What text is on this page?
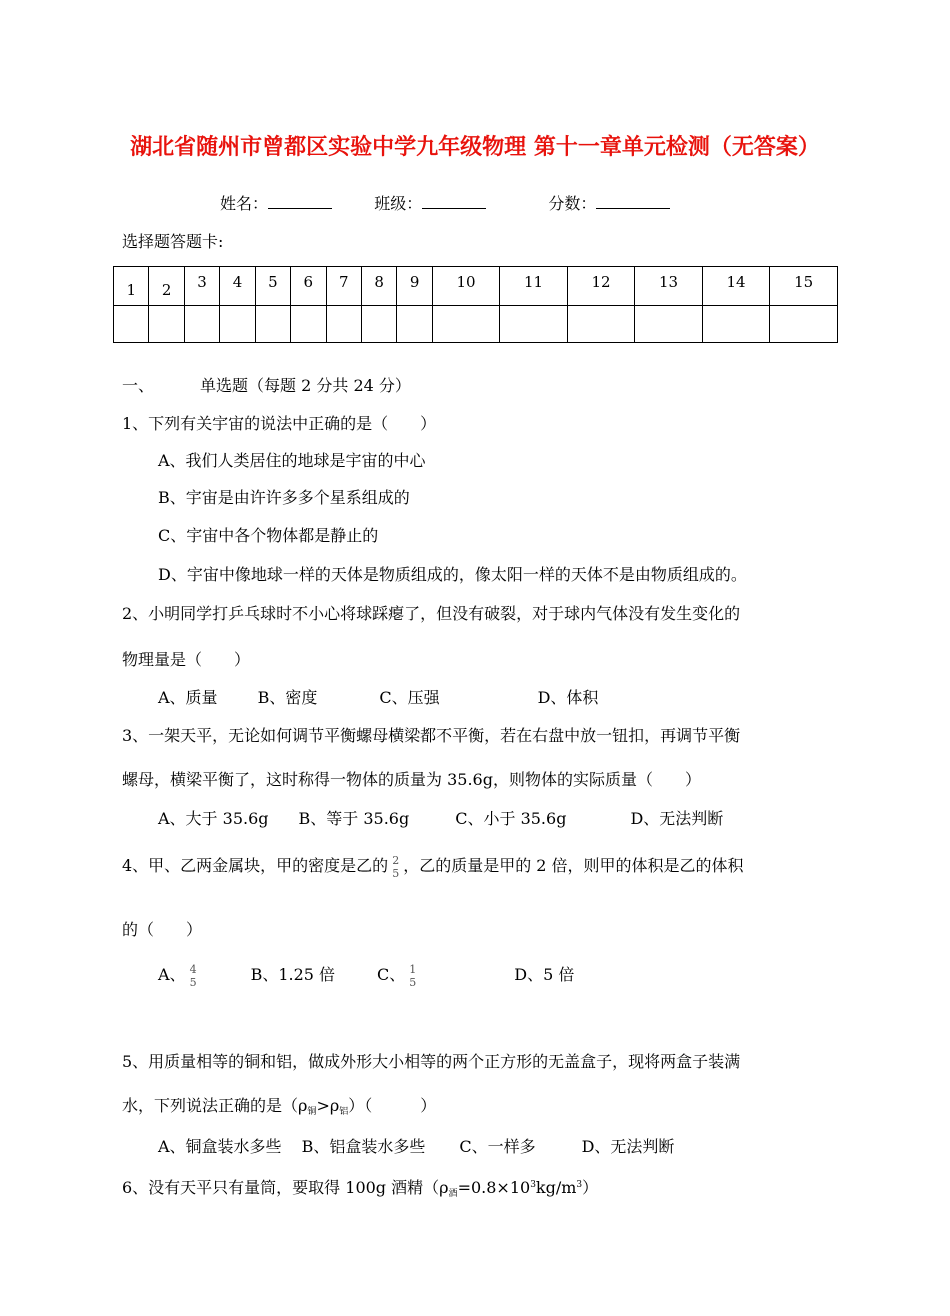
湖北省随州市曾都区实验中学九年级物理 第十一章单元检测（无答案）
姓名：	班级：	分数：
选择题答题卡:
1	2	3	4	5	6	7	8	9	10	11	12	13	14	15

一、	单选题（每题 2 分共 24 分）
1、下列有关宇宙的说法中正确的是（　　）
A、我们人类居住的地球是宇宙的中心
B、宇宙是由许许多多个星系组成的
C、宇宙中各个物体都是静止的
D、宇宙中像地球一样的天体是物质组成的，像太阳一样的天体不是由物质组成的。
2、小明同学打乒乓球时不小心将球踩瘪了，但没有破裂，对于球内气体没有发生变化的
物理量是（　　）
A、质量	B、密度	C、压强	D、体积
3、一架天平，无论如何调节平衡螺母横梁都不平衡，若在右盘中放一钮扣，再调节平衡
螺母，横梁平衡了，这时称得一物体的质量为 35.6g，则物体的实际质量（　　）
A、大于 35.6g B、等于 35.6g	C、小于 35.6g	D、无法判断
4、甲、乙两金属块，甲的密度是乙的 2
5 ，乙的质量是甲的 2 倍，则甲的体积是乙的体积
的（　　）
A、 4
5	B、1.25 倍	C、 1
5	D、5 倍
5、用质量相等的铜和铝，做成外形大小相等的两个正方形的无盖盒子，现将两盒子装满
水，下列说法正确的是$(\rho_铜>\rho_铝)$（　　　）
A、铜盒装水多些 B、铝盒装水多些 C、一样多	D、无法判断
6、没有天平只有量筒，要取得 100g 酒精$(\rho_酒=0.8\times 10^3kg/m^3)$
